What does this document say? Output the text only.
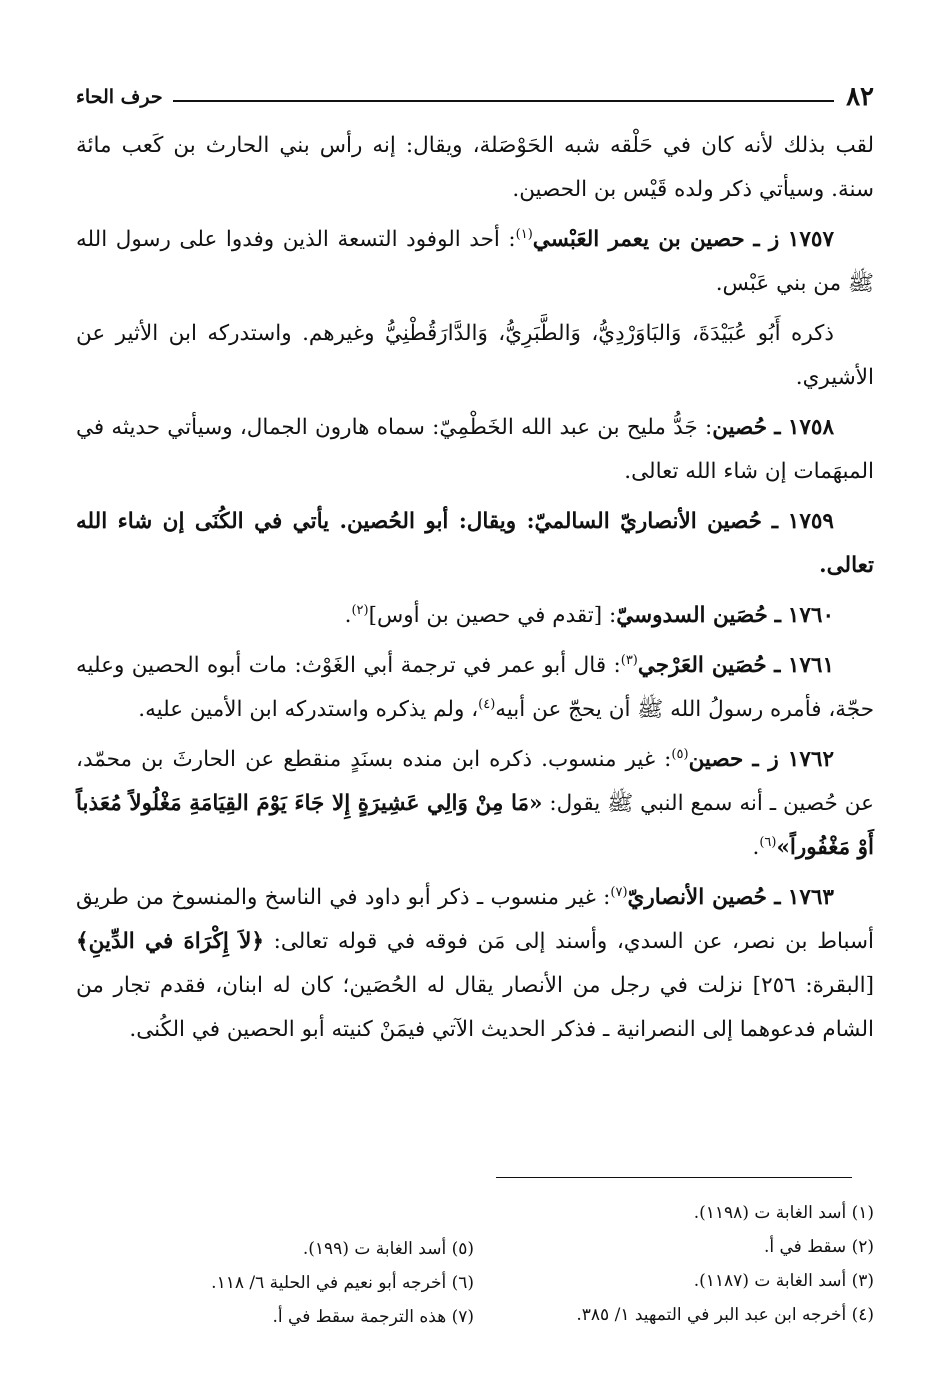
٨٢
حرف الحاء

لقب بذلك لأنه كان في حَلْقه شبه الحَوْصَلة، ويقال: إنه رأس بني الحارث بن كَعب مائة سنة. وسيأتي ذكر ولده قَيْس بن الحصين.

١٧٥٧ ز ـ حصين بن يعمر العَبْسي$^{(١)}$: أحد الوفود التسعة الذين وفدوا على رسول الله ﷺ من بني عَبْس.

ذكره أَبُو عُبَيْدَةَ، وَالبَاوَرْدِيُّ، وَالطَّبَرِيُّ، وَالدَّارَقُطْنِيُّ وغيرهم. واستدركه ابن الأثير عن الأشيري.

١٧٥٨ ـ حُصين: جَدُّ مليح بن عبد الله الخَطْمِيّ: سماه هارون الجمال، وسيأتي حديثه في المبهَمات إن شاء الله تعالى.

١٧٥٩ ـ حُصين الأنصاريّ السالميّ: ويقال: أبو الحُصين. يأتي في الكُنَى إن شاء الله تعالى.

١٧٦٠ ـ حُصَين السدوسيّ: [تقدم في حصين بن أوس]$^{(٢)}$.

١٧٦١ ـ حُصَين العَرْجي$^{(٣)}$: قال أبو عمر في ترجمة أبي الغَوْث: مات أبوه الحصين وعليه حجّة، فأمره رسولُ الله ﷺ أن يحجّ عن أبيه$^{(٤)}$، ولم يذكره واستدركه ابن الأمين عليه.

١٧٦٢ ز ـ حصين$^{(٥)}$: غير منسوب. ذكره ابن منده بسنَدٍ منقطع عن الحارثَ بن محمّد، عن حُصين ـ أنه سمع النبي ﷺ يقول: «مَا مِنْ وَالِي عَشِيرَةٍ إِلا جَاءَ يَوْمَ القِيَامَةِ مَغْلُولاً مُعَذباً أَوْ مَغْفُوراً»$^{(٦)}$.

١٧٦٣ ـ حُصين الأنصاريّ$^{(٧)}$: غير منسوب ـ ذكر أبو داود في الناسخ والمنسوخ من طريق أسباط بن نصر، عن السدي، وأسند إلى مَن فوقه في قوله تعالى: ﴿لاَ إِكْرَاهَ في الدِّينِ﴾ [البقرة: ٢٥٦] نزلت في رجل من الأنصار يقال له الحُصَين؛ كان له ابنان، فقدم تجار من الشام فدعوهما إلى النصرانية ـ فذكر الحديث الآتي فيمَنْ كنيته أبو الحصين في الكُنى.

(١) أسد الغابة ت (١١٩٨).
(٢) سقط في أ.
(٣) أسد الغابة ت (١١٨٧).
(٤) أخرجه ابن عبد البر في التمهيد ١/ ٣٨٥.
(٥) أسد الغابة ت (١٩٩).
(٦) أخرجه أبو نعيم في الحلية ٦/ ١١٨.
(٧) هذه الترجمة سقط في أ.
